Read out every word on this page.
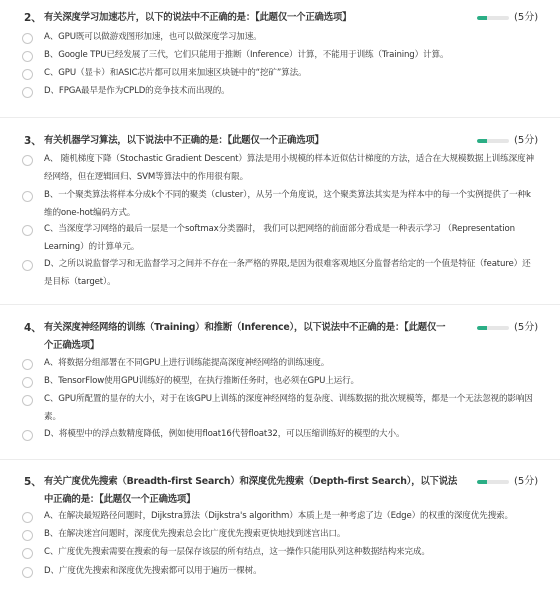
2、 有关深度学习加速芯片，以下的说法中不正确的是：【此题仅一个正确选项】	(5分)
A、GPU既可以做游戏图形加速，也可以做深度学习加速。
B、Google TPU已经发展了三代，它们只能用于推断（Inference）计算，不能用于训练（Training）计算。
C、GPU（显卡）和ASIC芯片都可以用来加速区块链中的“挖矿”算法。
D、FPGA最早是作为CPLD的竞争技术而出现的。
3、 有关机器学习算法，以下说法中不正确的是：【此题仅一个正确选项】	(5分)
A、 随机梯度下降（Stochastic Gradient Descent）算法是用小规模的样本近似估计梯度的方法，适合在大规模数据上训练深度神经网络，但在逻辑回归、SVM等算法中的作用很有限。
B、一个聚类算法将样本分成k个不同的聚类（cluster），从另一个角度说，这个聚类算法其实是为样本中的每一个实例提供了一种k维的one-hot编码方式。
C、当深度学习网络的最后一层是一个softmax分类器时， 我们可以把网络的前面部分看成是一种表示学习 （Representation Learning）的计算单元。
D、之所以说监督学习和无监督学习之间并不存在一条严格的界限,是因为很难客观地区分监督者给定的一个值是特征（feature）还是目标（target）。
4、 有关深度神经网络的训练（Training）和推断（Inference），以下说法中不正确的是：【此题仅一个正确选项】
(5分)
A、将数据分组部署在不同GPU上进行训练能提高深度神经网络的训练速度。
B、TensorFlow使用GPU训练好的模型，在执行推断任务时，也必须在GPU上运行。
C、GPU所配置的显存的大小，对于在该GPU上训练的深度神经网络的复杂度、训练数据的批次规模等，都是一个无法忽视的影响因素。
D、将模型中的浮点数精度降低，例如使用float16代替float32，可以压缩训练好的模型的大小。
5、 有关广度优先搜索（Breadth-first Search）和深度优先搜索（Depth-first Search），以下说法中正确的是：【此题仅一个正确选项】
(5分)
A、在解决最短路径问题时，Dijkstra算法（Dijkstra's algorithm）本质上是一种考虑了边（Edge）的权重的深度优先搜索。
B、在解决迷宫问题时，深度优先搜索总会比广度优先搜索更快地找到迷宫出口。
C、广度优先搜索需要在搜索的每一层保存该层的所有结点，这一操作只能用队列这种数据结构来完成。
D、广度优先搜索和深度优先搜索都可以用于遍历一棵树。
